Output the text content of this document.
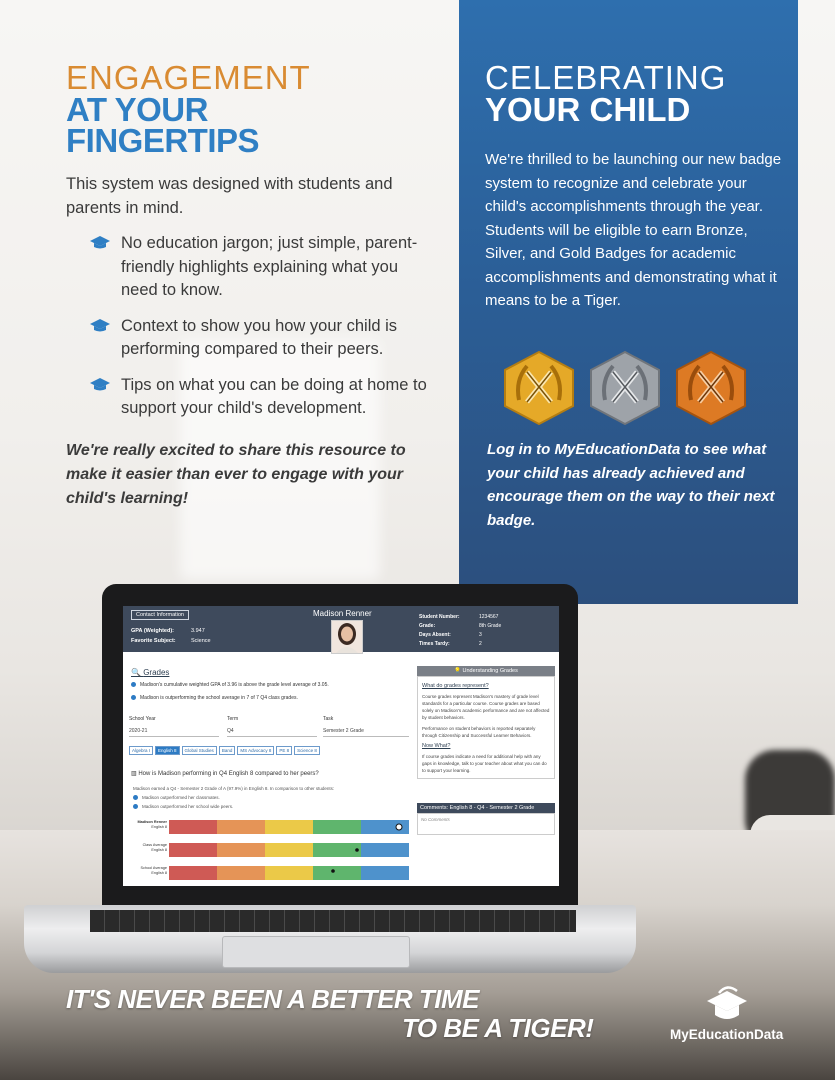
ENGAGEMENT
AT YOUR
FINGERTIPS
This system was designed with students and parents in mind.
No education jargon; just simple, parent-friendly highlights explaining what you need to know.
Context to show you how your child is performing compared to their peers.
Tips on what you can be doing at home to support your child's development.
We're really excited to share this resource to make it easier than ever to engage with your child's learning!
CELEBRATING
YOUR CHILD
We're thrilled to be launching our new badge system to recognize and celebrate your child's accomplishments through the year. Students will be eligible to earn Bronze, Silver, and Gold Badges for academic accomplishments and demonstrating what it means to be a Tiger.
Log in to MyEducationData to see what your child has already achieved and encourage them on the way to their next badge.
Contact Information	Madison Renner
GPA (Weighted):
Favorite Subject:
3.947
Science
Student Number:
Grade:
Days Absent:
Times Tardy:
1234567
8th Grade
3
2
🔍 Grades
Madison's cumulative weighted GPA of 3.96 is above the grade level average of 3.05.
Madison is outperforming the school average in 7 of 7 Q4 class grades.
School Year
2020-21
Term
Q4
Task
Semester 2 Grade
Algebra I English 8 Global Studies Band MS Advocacy 8 PE 8 Science 8
▥ How is Madison performing in Q4 English 8 compared to her peers?
Madison earned a Q4 - Semester 2 Grade of A (97.9%) in English 8. In comparison to other students:
Madison outperformed her classmates.
Madison outperformed her school wide peers.
Madison Renner
English 8
Class Average
English 8
School Average
English 8
💡 Understanding Grades
What do grades represent?
Course grades represent Madison's mastery of grade level standards for a particular course. Course grades are based solely on Madison's academic performance and are not affected by student behaviors.
Performance on student behaviors is reported separately through Citizenship and Successful Learner Behaviors.
Now What?
If course grades indicate a need for additional help with any gaps in knowledge, talk to your teacher about what you can do to support your learning.
Comments: English 8 - Q4 - Semester 2 Grade
No Comments
IT'S NEVER BEEN A BETTER TIME
TO BE A TIGER!	MyEducationData
